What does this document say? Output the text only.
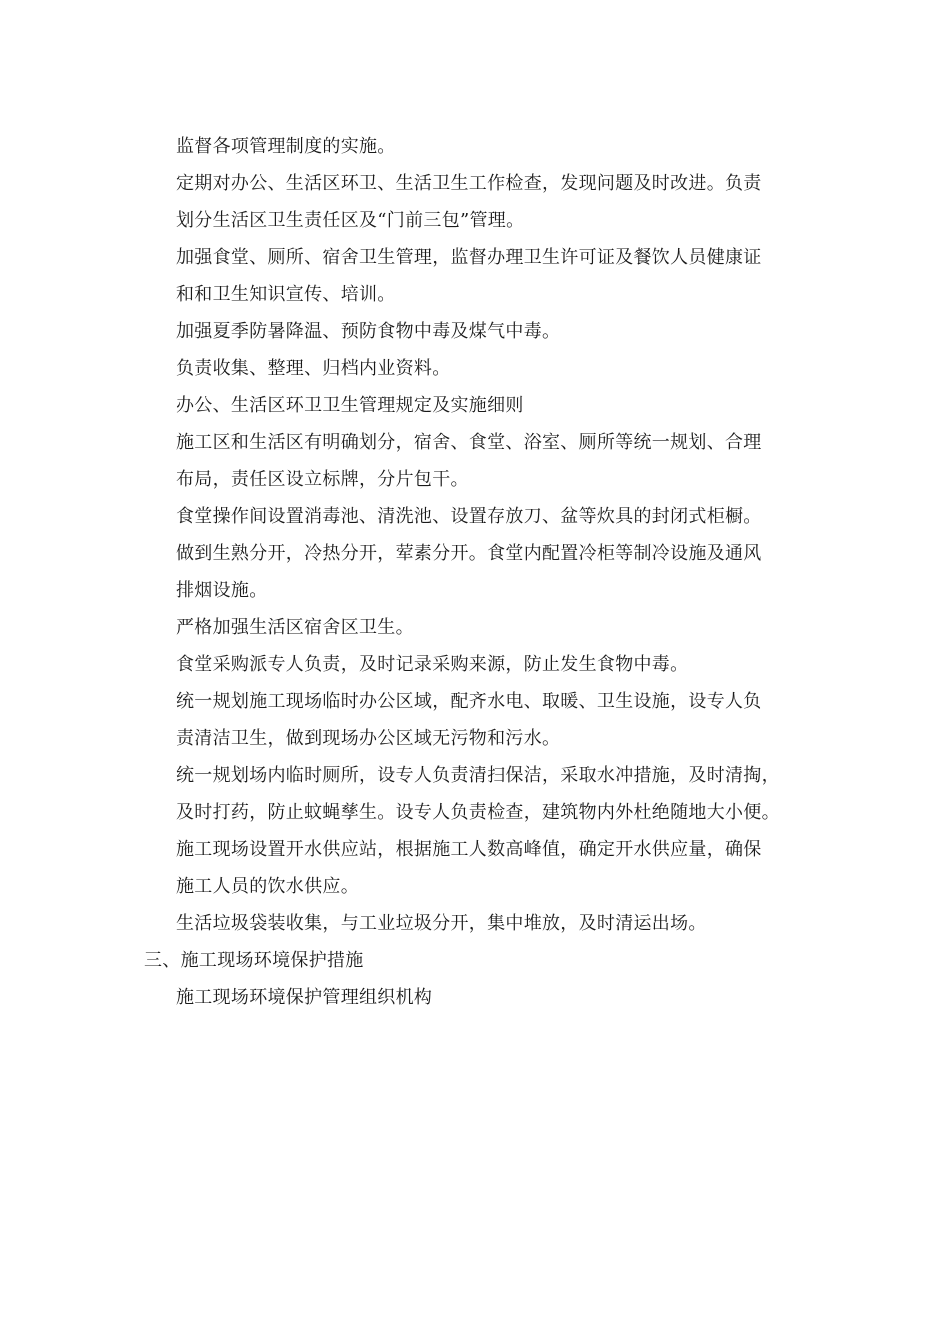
监督各项管理制度的实施。
定期对办公、生活区环卫、生活卫生工作检查，发现问题及时改进。负责
划分生活区卫生责任区及“门前三包”管理。
加强食堂、厕所、宿舍卫生管理，监督办理卫生许可证及餐饮人员健康证
和和卫生知识宣传、培训。
加强夏季防暑降温、预防食物中毒及煤气中毒。
负责收集、整理、归档内业资料。
办公、生活区环卫卫生管理规定及实施细则
施工区和生活区有明确划分，宿舍、食堂、浴室、厕所等统一规划、合理
布局，责任区设立标牌，分片包干。
食堂操作间设置消毒池、清洗池、设置存放刀、盆等炊具的封闭式柜橱。
做到生熟分开，冷热分开，荤素分开。食堂内配置冷柜等制冷设施及通风
排烟设施。
严格加强生活区宿舍区卫生。
食堂采购派专人负责，及时记录采购来源，防止发生食物中毒。
统一规划施工现场临时办公区域，配齐水电、取暖、卫生设施，设专人负
责清洁卫生，做到现场办公区域无污物和污水。
统一规划场内临时厕所，设专人负责清扫保洁，采取水冲措施，及时清掏，
及时打药，防止蚊蝇孳生。设专人负责检查，建筑物内外杜绝随地大小便。
施工现场设置开水供应站，根据施工人数高峰值，确定开水供应量，确保
施工人员的饮水供应。
生活垃圾袋装收集，与工业垃圾分开，集中堆放，及时清运出场。
三、施工现场环境保护措施
施工现场环境保护管理组织机构
